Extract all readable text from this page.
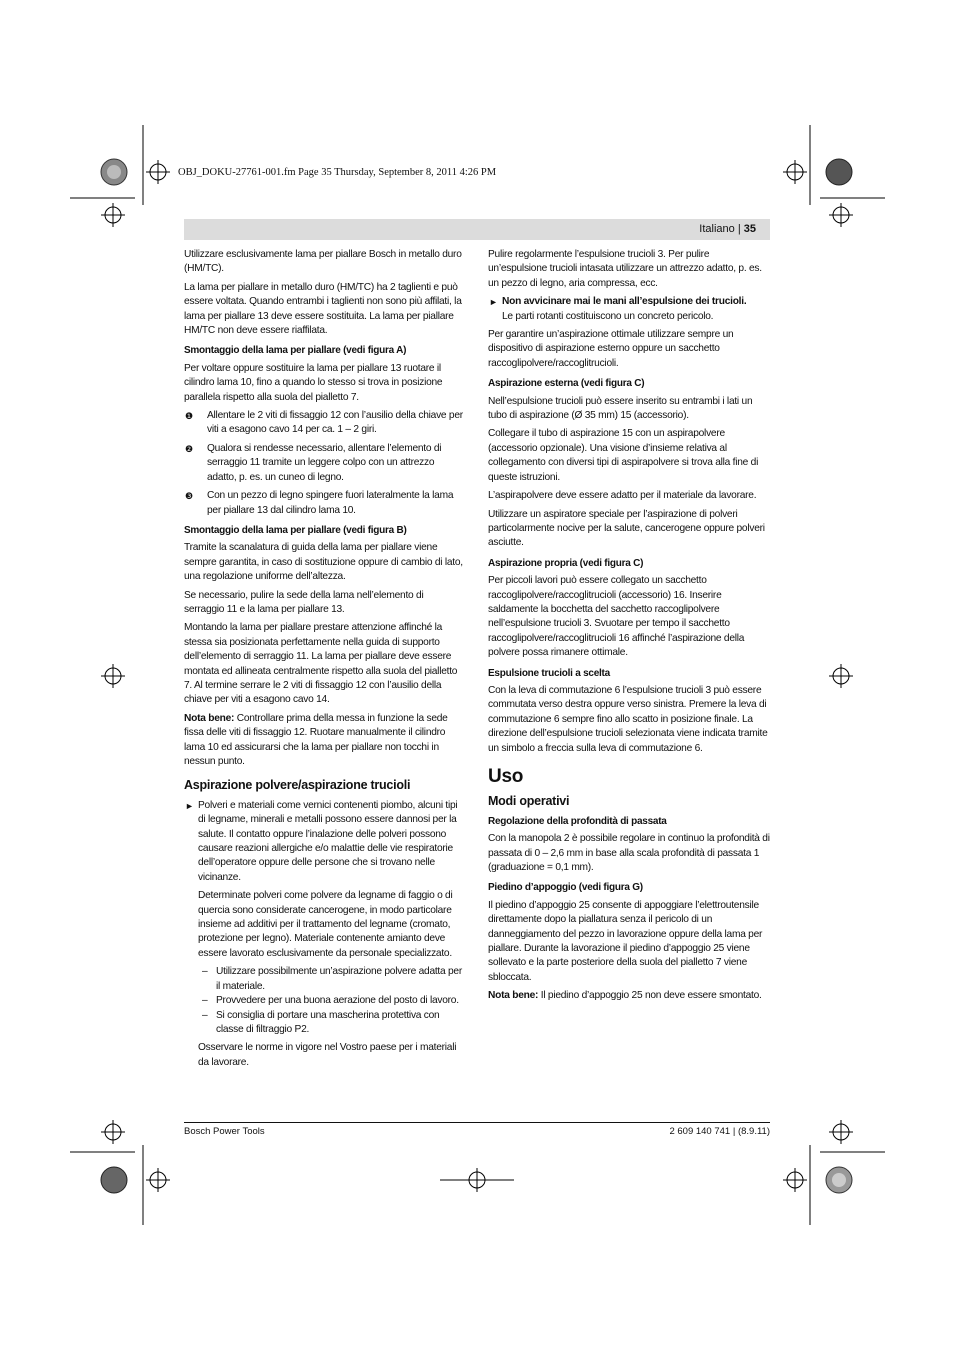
OBJ_DOKU-27761-001.fm Page 35 Thursday, September 8, 2011 4:26 PM
Italiano | 35

Utilizzare esclusivamente lama per piallare Bosch in metallo duro (HM/TC).

La lama per piallare in metallo duro (HM/TC) ha 2 taglienti e può essere voltata. Quando entrambi i taglienti non sono più affilati, la lama per piallare 13 deve essere sostituita. La lama per piallare HM/TC non deve essere riaffilata.

Smontaggio della lama per piallare (vedi figura A)

Per voltare oppure sostituire la lama per piallare 13 ruotare il cilindro lama 10, fino a quando lo stesso si trova in posizione parallela rispetto alla suola del pialletto 7.

❶ Allentare le 2 viti di fissaggio 12 con l’ausilio della chiave per viti a esagono cavo 14 per ca. 1 – 2 giri.
❷ Qualora si rendesse necessario, allentare l’elemento di serraggio 11 tramite un leggere colpo con un attrezzo adatto, p. es. un cuneo di legno.
❸ Con un pezzo di legno spingere fuori lateralmente la lama per piallare 13 dal cilindro lama 10.
Smontaggio della lama per piallare (vedi figura B)

Tramite la scanalatura di guida della lama per piallare viene sempre garantita, in caso di sostituzione oppure di cambio di lato, una regolazione uniforme dell’altezza.

Se necessario, pulire la sede della lama nell’elemento di serraggio 11 e la lama per piallare 13.

Montando la lama per piallare prestare attenzione affinché la stessa sia posizionata perfettamente nella guida di supporto dell’elemento di serraggio 11. La lama per piallare deve essere montata ed allineata centralmente rispetto alla suola del pialletto 7. Al termine serrare le 2 viti di fissaggio 12 con l’ausilio della chiave per viti a esagono cavo 14.

Nota bene: Controllare prima della messa in funzione la sede fissa delle viti di fissaggio 12. Ruotare manualmente il cilindro lama 10 ed assicurarsi che la lama per piallare non tocchi in nessun punto.

Aspirazione polvere/aspirazione trucioli
► Polveri e materiali come vernici contenenti piombo, alcuni tipi di legname, minerali e metalli possono essere dannosi per la salute. Il contatto oppure l’inalazione delle polveri possono causare reazioni allergiche e/o malattie delle vie respiratorie dell’operatore oppure delle persone che si trovano nelle vicinanze.

Determinate polveri come polvere da legname di faggio o di quercia sono considerate cancerogene, in modo particolare insieme ad additivi per il trattamento del legname (cromato, protezione per legno). Materiale contenente amianto deve essere lavorato esclusivamente da personale specializzato.

– Utilizzare possibilmente un’aspirazione polvere adatta per il materiale.
– Provvedere per una buona aerazione del posto di lavoro.
– Si consiglia di portare una mascherina protettiva con classe di filtraggio P2.

Osservare le norme in vigore nel Vostro paese per i materiali da lavorare.

Pulire regolarmente l’espulsione trucioli 3. Per pulire un’espulsione trucioli intasata utilizzare un attrezzo adatto, p. es. un pezzo di legno, aria compressa, ecc.

► Non avvicinare mai le mani all’espulsione dei trucioli.
Le parti rotanti costituiscono un concreto pericolo.

Per garantire un’aspirazione ottimale utilizzare sempre un dispositivo di aspirazione esterno oppure un sacchetto raccoglipolvere/raccoglitrucioli.

Aspirazione esterna (vedi figura C)

Nell’espulsione trucioli può essere inserito su entrambi i lati un tubo di aspirazione (Ø 35 mm) 15 (accessorio).

Collegare il tubo di aspirazione 15 con un aspirapolvere (accessorio opzionale). Una visione d’insieme relativa al collegamento con diversi tipi di aspirapolvere si trova alla fine di queste istruzioni.

L’aspirapolvere deve essere adatto per il materiale da lavorare.

Utilizzare un aspiratore speciale per l’aspirazione di polveri particolarmente nocive per la salute, cancerogene oppure polveri asciutte.

Aspirazione propria (vedi figura C)

Per piccoli lavori può essere collegato un sacchetto raccoglipolvere/raccoglitrucioli (accessorio) 16. Inserire saldamente la bocchetta del sacchetto raccoglipolvere nell’espulsione trucioli 3. Svuotare per tempo il sacchetto raccoglipolvere/raccoglitrucioli 16 affinché l’aspirazione della polvere possa rimanere ottimale.

Espulsione trucioli a scelta

Con la leva di commutazione 6 l’espulsione trucioli 3 può essere commutata verso destra oppure verso sinistra. Premere la leva di commutazione 6 sempre fino allo scatto in posizione finale. La direzione dell’espulsione trucioli selezionata viene indicata tramite un simbolo a freccia sulla leva di commutazione 6.

Uso
Modi operativi
Regolazione della profondità di passata

Con la manopola 2 è possibile regolare in continuo la profondità di passata di 0 – 2,6 mm in base alla scala profondità di passata 1 (graduazione = 0,1 mm).

Piedino d’appoggio (vedi figura G)

Il piedino d’appoggio 25 consente di appoggiare l’elettroutensile direttamente dopo la piallatura senza il pericolo di un danneggiamento del pezzo in lavorazione oppure della lama per piallare. Durante la lavorazione il piedino d’appoggio 25 viene sollevato e la parte posteriore della suola del pialletto 7 viene sbloccata.

Nota bene: Il piedino d’appoggio 25 non deve essere smontato.

Bosch Power Tools	2 609 140 741 | (8.9.11)
